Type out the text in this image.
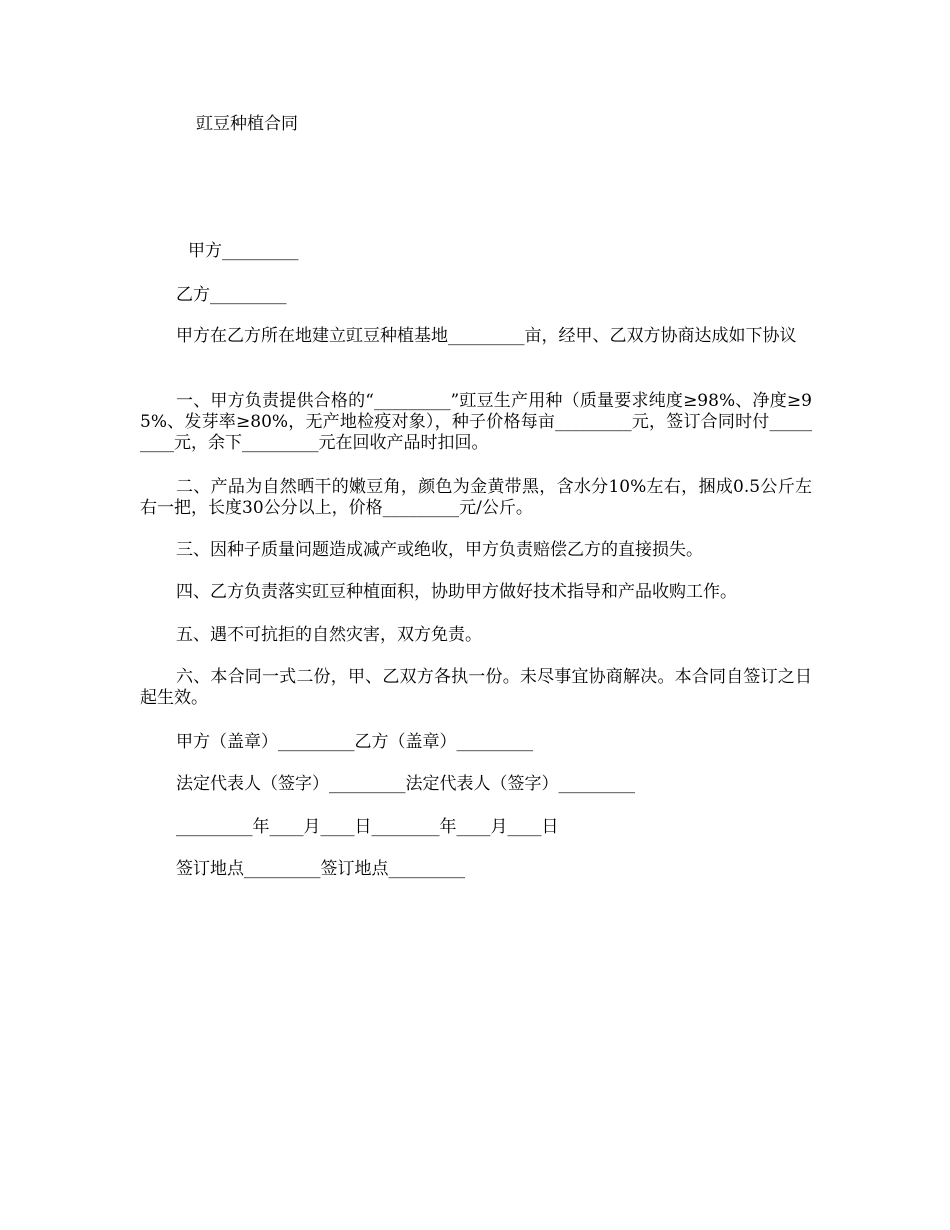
豇豆种植合同
甲方_________
乙方_________
甲方在乙方所在地建立豇豆种植基地_________亩，经甲、乙双方协商达成如下协议
一、甲方负责提供合格的“_________”豇豆生产用种（质量要求纯度≥98%、净度≥95%、发芽率≥80%，无产地检疫对象），种子价格每亩_________元，签订合同时付_________元，余下_________元在回收产品时扣回。
二、产品为自然晒干的嫩豆角，颜色为金黄带黑，含水分10%左右，捆成0.5公斤左右一把，长度30公分以上，价格_________元/公斤。
三、因种子质量问题造成减产或绝收，甲方负责赔偿乙方的直接损失。
四、乙方负责落实豇豆种植面积，协助甲方做好技术指导和产品收购工作。
五、遇不可抗拒的自然灾害，双方免责。
六、本合同一式二份，甲、乙双方各执一份。未尽事宜协商解决。本合同自签订之日起生效。
甲方（盖章）_________乙方（盖章）_________
法定代表人（签字）_________法定代表人（签字）_________
_________年____月____日________年____月____日
签订地点_________签订地点_________
